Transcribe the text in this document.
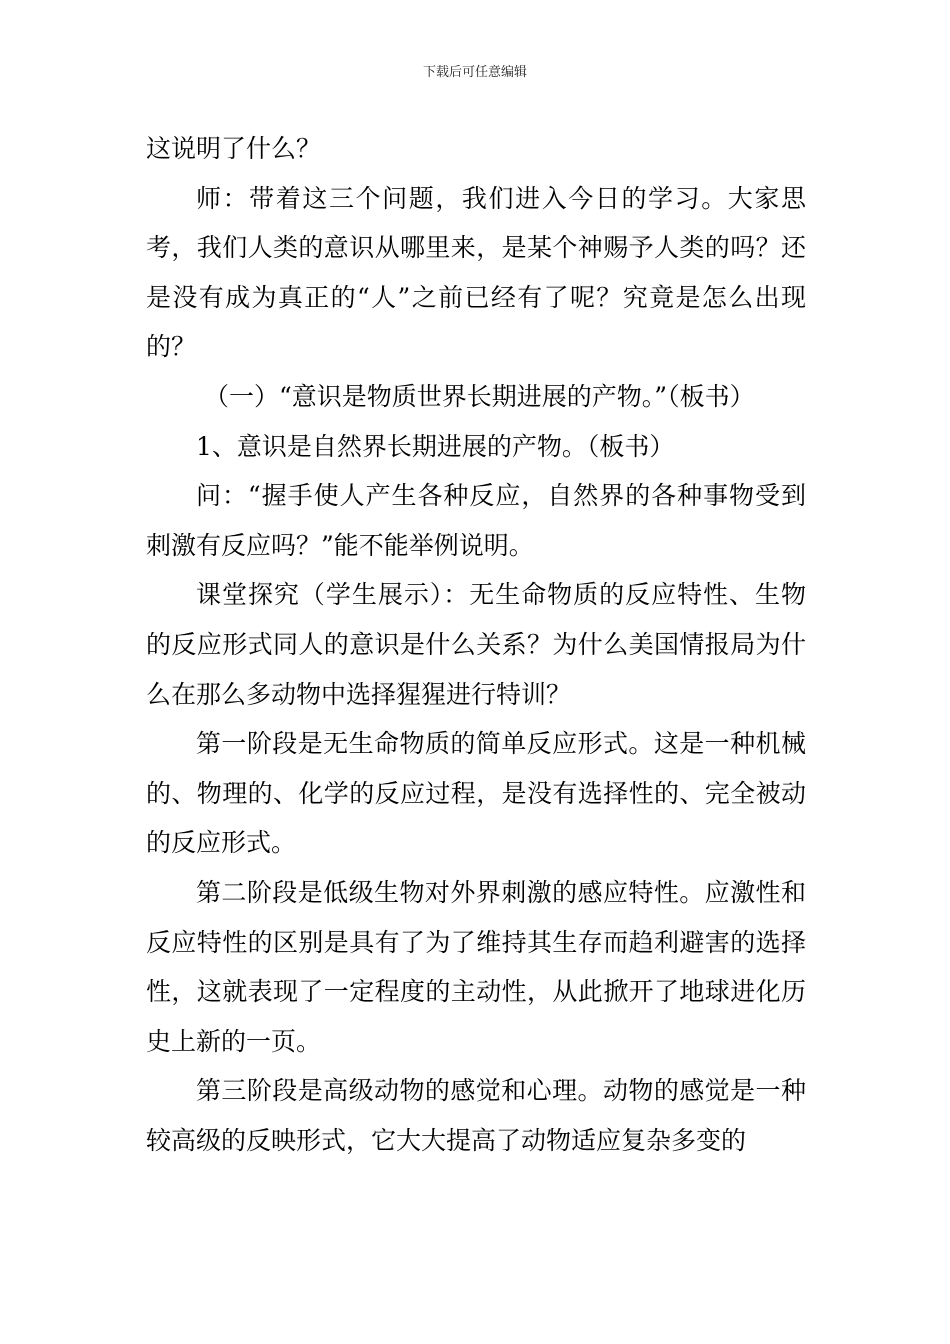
下载后可任意编辑

这说明了什么？

师：带着这三个问题，我们进入今日的学习。大家思考，我们人类的意识从哪里来，是某个神赐予人类的吗？还是没有成为真正的“人”之前已经有了呢？究竟是怎么出现的？

（一）“意识是物质世界长期进展的产物。”（板书）

1、意识是自然界长期进展的产物。（板书）

问：“握手使人产生各种反应，自然界的各种事物受到刺激有反应吗？”能不能举例说明。

课堂探究（学生展示）：无生命物质的反应特性、生物的反应形式同人的意识是什么关系？为什么美国情报局为什么在那么多动物中选择猩猩进行特训？

第一阶段是无生命物质的简单反应形式。这是一种机械的、物理的、化学的反应过程，是没有选择性的、完全被动的反应形式。

第二阶段是低级生物对外界刺激的感应特性。应激性和反应特性的区别是具有了为了维持其生存而趋利避害的选择性，这就表现了一定程度的主动性，从此掀开了地球进化历史上新的一页。

第三阶段是高级动物的感觉和心理。动物的感觉是一种较高级的反映形式，它大大提高了动物适应复杂多变的
